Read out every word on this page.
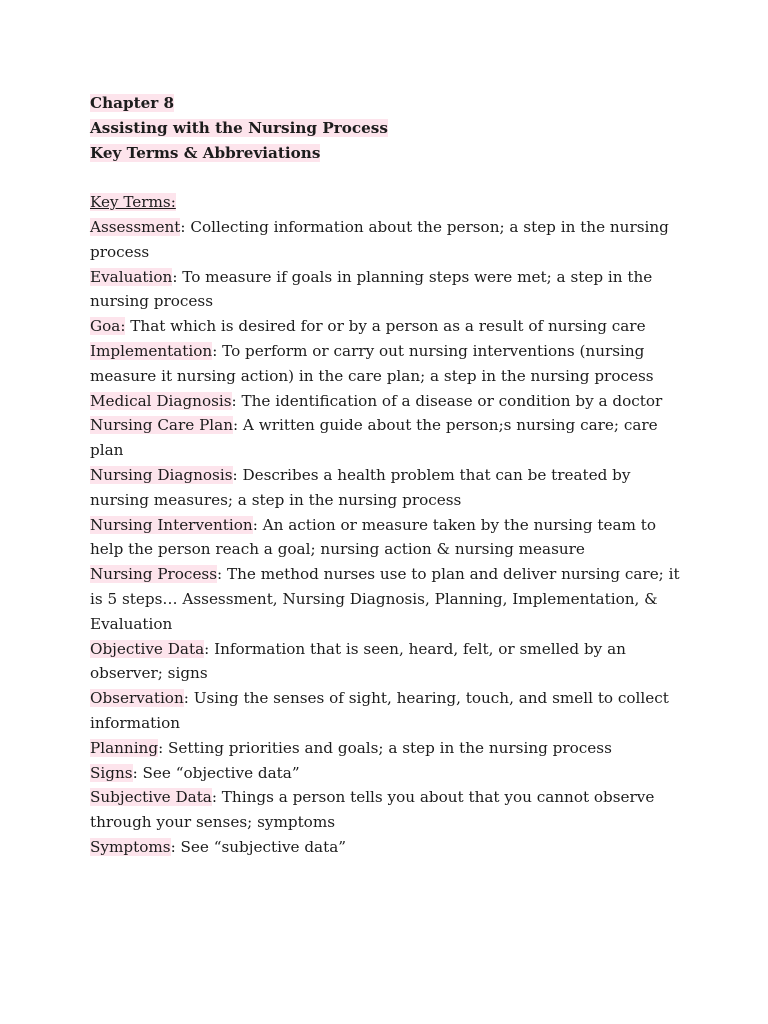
Chapter 8
Assisting with the Nursing Process
Key Terms & Abbreviations
Key Terms:
Assessment: Collecting information about the person; a step in the nursing process
Evaluation: To measure if goals in planning steps were met; a step in the nursing process
Goa: That which is desired for or by a person as a result of nursing care
Implementation: To perform or carry out nursing interventions (nursing measure it nursing action) in the care plan; a step in the nursing process
Medical Diagnosis: The identification of a disease or condition by a doctor
Nursing Care Plan: A written guide about the person;s nursing care; care plan
Nursing Diagnosis: Describes a health problem that can be treated by nursing measures; a step in the nursing process
Nursing Intervention: An action or measure taken by the nursing team to help the person reach a goal; nursing action & nursing measure
Nursing Process: The method nurses use to plan and deliver nursing care; it is 5 steps… Assessment, Nursing Diagnosis, Planning, Implementation, & Evaluation
Objective Data: Information that is seen, heard, felt, or smelled by an observer; signs
Observation: Using the senses of sight, hearing, touch, and smell to collect information
Planning: Setting priorities and goals; a step in the nursing process
Signs: See “objective data”
Subjective Data: Things a person tells you about that you cannot observe through your senses; symptoms
Symptoms: See “subjective data”
